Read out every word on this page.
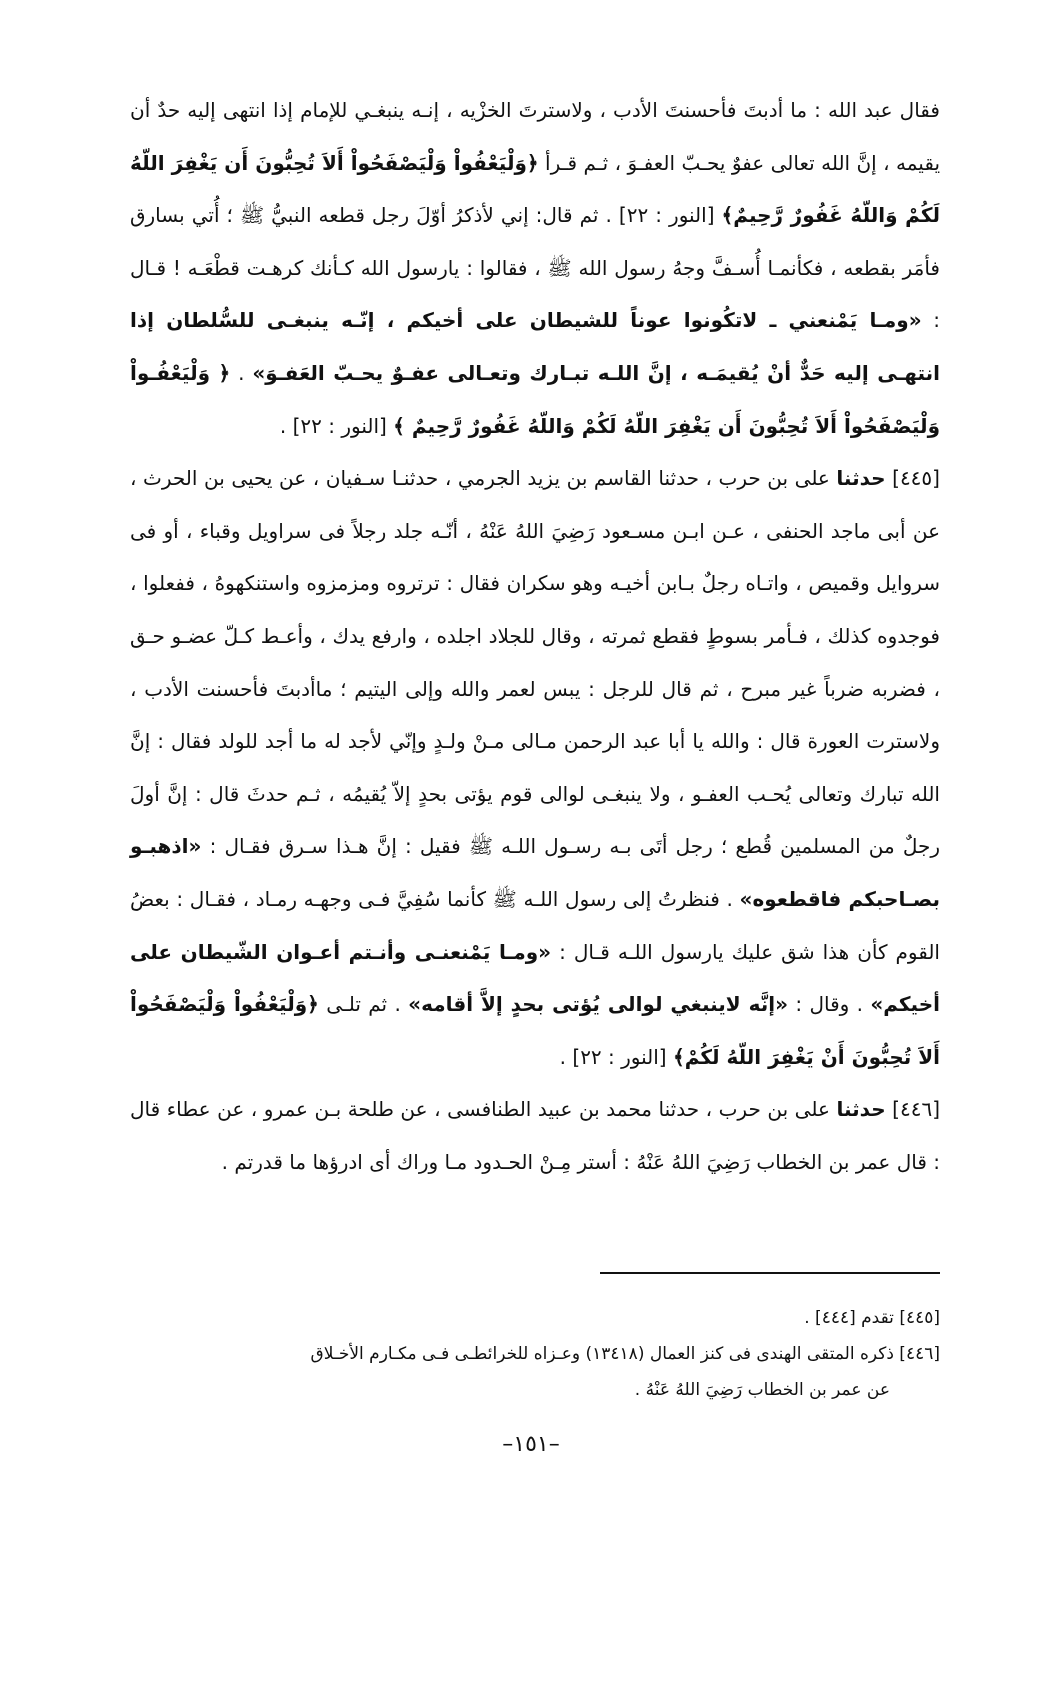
فقال عبد الله : ما أدبتَ فأحسنتَ الأدب ، ولاسترتَ الخزْيه ، إنـه ينبغـي للإمام إذا انتهى إليه حدٌ أن يقيمه ، إنَّ الله تعالى عفوٌ يحـبّ العفـوَ ، ثـم قـرأ ﴿وَلْيَعْفُواْ وَلْيَصْفَحُواْ أَلاَ تُحِبُّونَ أَن يَغْفِرَ اللّهُ لَكُمْ وَاللّهُ غَفُورٌ رَّحِيمٌ﴾ [النور : ٢٢] . ثم قال: إني لأذكرُ أوّلَ رجل قطعه النبيُّ ﷺ ؛ أُتي بسارق فأمَر بقطعه ، فكأنمـا أُسـفَّ وجهُ رسول الله ﷺ ، فقالوا : يارسول الله كـأنك كرهـت قطْعَـه ! قـال : «ومـا يَمْنعني ـ لاتكُونوا عوناً للشيطان على أخيكم ، إنّـه ينبغـى للسُّلطان إذا انتهـى إليه حَدٌّ أنْ يُقيمَـه ، إنَّ اللـه تبـارك وتعـالى عفـوٌ يحـبّ العَفـوَ» . ﴿ وَلْيَعْفُـواْ وَلْيَصْفَحُواْ أَلاَ تُحِبُّونَ أَن يَغْفِرَ اللّهُ لَكُمْ وَاللّهُ غَفُورٌ رَّحِيمٌ ﴾ [النور : ٢٢] .

[٤٤٥] حدثنا على بن حرب ، حدثنا القاسم بن يزيد الجرمي ، حدثنـا سـفيان ، عن يحيى بن الحرث ، عن أبى ماجد الحنفى ، عـن ابـن مسـعود رَضِيَ اللهُ عَنْهُ ، أنّـه جلد رجلاً فى سراويل وقباء ، أو فى سروايل وقميص ، واتـاه رجلٌ بـابن أخيـه وهو سكران فقال : ترتروه ومزمزوه واستنكهوهُ ، ففعلوا ، فوجدوه كذلك ، فـأمر بسوطٍ فقطع ثمرته ، وقال للجلاد اجلده ، وارفع يدك ، وأعـط كـلّ عضـو حـق ، فضربه ضرباً غير مبرح ، ثم قال للرجل : يبس لعمر والله وإلى اليتيم ؛ ماأدبتَ فأحسنت الأدب ، ولاسترت العورة قال : والله يا أبا عبد الرحمن مـالى مـنْ ولـدٍ وإنّي لأجد له ما أجد للولد فقال : إنَّ الله تبارك وتعالى يُحـب العفـو ، ولا ينبغـى لوالى قوم يؤتى بحدٍ إلاّ يُقيمُه ، ثـم حدثَ قال : إنَّ أولَ رجلٌ من المسلمين قُطع ؛ رجل أتَى بـه رسـول اللـه ﷺ فقيل : إنَّ هـذا سـرق فقـال : «اذهبـو بصـاحبكم فاقطعوه» . فنظرتُ إلى رسول اللـه ﷺ كأنما سُفِيَّ فـى وجهـه رمـاد ، فقـال : بعضُ القوم كأن هذا شق عليك يارسول اللـه قـال : «ومـا يَمْنعنـى وأنـتم أعـوان الشّيطان على أخيكم» . وقال : «إنَّه لاينبغي لوالى يُؤتى بحدٍ إلاَّ أقامه» . ثم تلـى ﴿وَلْيَعْفُواْ وَلْيَصْفَحُواْ أَلاَ تُحِبُّونَ أَنْ يَغْفِرَ اللّهُ لَكُمْ﴾ [النور : ٢٢] .

[٤٤٦] حدثنا على بن حرب ، حدثنا محمد بن عبيد الطنافسى ، عن طلحة بـن عمرو ، عن عطاء قال : قال عمر بن الخطاب رَضِيَ اللهُ عَنْهُ : أستر مِـنْ الحـدود مـا وراك أى ادرؤها ما قدرتم .

[٤٤٥] تقدم [٤٤٤] .

[٤٤٦] ذكره المتقى الهندى فى كنز العمال (١٣٤١٨) وعـزاه للخرائطـى فـى مكـارم الأخـلاق

عن عمر بن الخطاب رَضِيَ اللهُ عَنْهُ .

–١٥١–
